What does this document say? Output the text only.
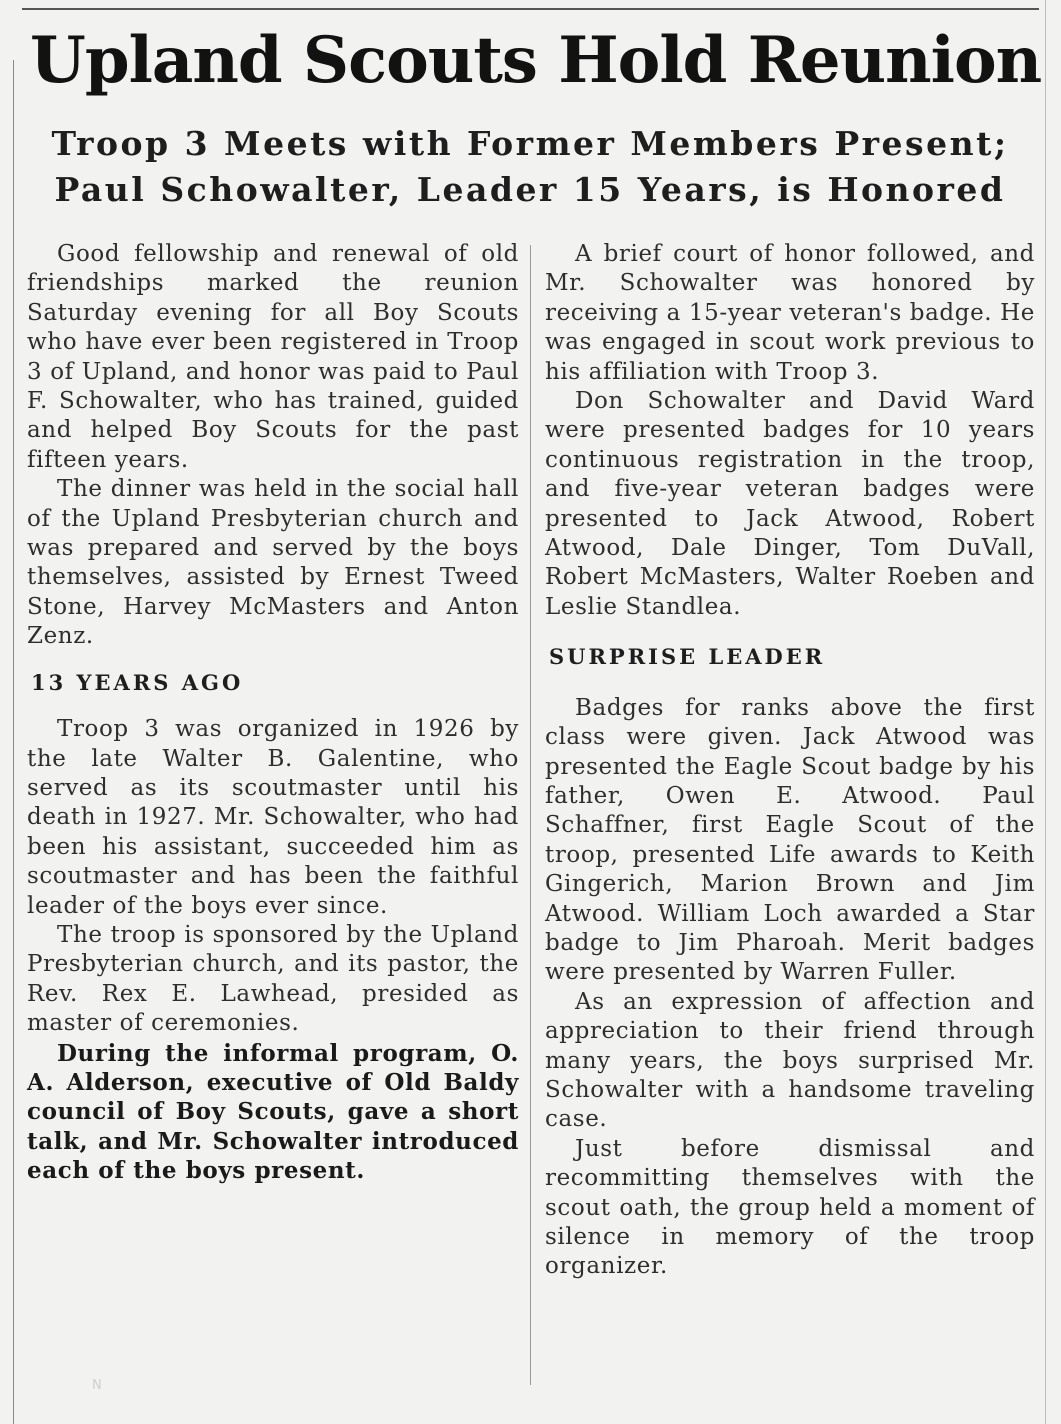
Upland Scouts Hold Reunion
Troop 3 Meets with Former Members Present;
Paul Schowalter, Leader 15 Years, is Honored

Good fellowship and renewal of old friendships marked the reunion Saturday evening for all Boy Scouts who have ever been registered in Troop 3 of Upland, and honor was paid to Paul F. Schowalter, who has trained, guided and helped Boy Scouts for the past fifteen years.

The dinner was held in the social hall of the Upland Presbyterian church and was prepared and served by the boys themselves, assisted by Ernest Tweed Stone, Harvey McMasters and Anton Zenz.

13 YEARS AGO

Troop 3 was organized in 1926 by the late Walter B. Galentine, who served as its scoutmaster until his death in 1927. Mr. Schowalter, who had been his assistant, succeeded him as scoutmaster and has been the faithful leader of the boys ever since.

The troop is sponsored by the Upland Presbyterian church, and its pastor, the Rev. Rex E. Lawhead, presided as master of ceremonies.

During the informal program, O. A. Alderson, executive of Old Baldy council of Boy Scouts, gave a short talk, and Mr. Schowalter introduced each of the boys present.

A brief court of honor followed, and Mr. Schowalter was honored by receiving a 15-year veteran's badge. He was engaged in scout work previous to his affiliation with Troop 3.

Don Schowalter and David Ward were presented badges for 10 years continuous registration in the troop, and five-year veteran badges were presented to Jack Atwood, Robert Atwood, Dale Dinger, Tom DuVall, Robert McMasters, Walter Roeben and Leslie Standlea.

SURPRISE LEADER

Badges for ranks above the first class were given. Jack Atwood was presented the Eagle Scout badge by his father, Owen E. Atwood. Paul Schaffner, first Eagle Scout of the troop, presented Life awards to Keith Gingerich, Marion Brown and Jim Atwood. William Loch awarded a Star badge to Jim Pharoah. Merit badges were presented by Warren Fuller.

As an expression of affection and appreciation to their friend through many years, the boys surprised Mr. Schowalter with a handsome traveling case.

Just before dismissal and recommitting themselves with the scout oath, the group held a moment of silence in memory of the troop organizer.

N
